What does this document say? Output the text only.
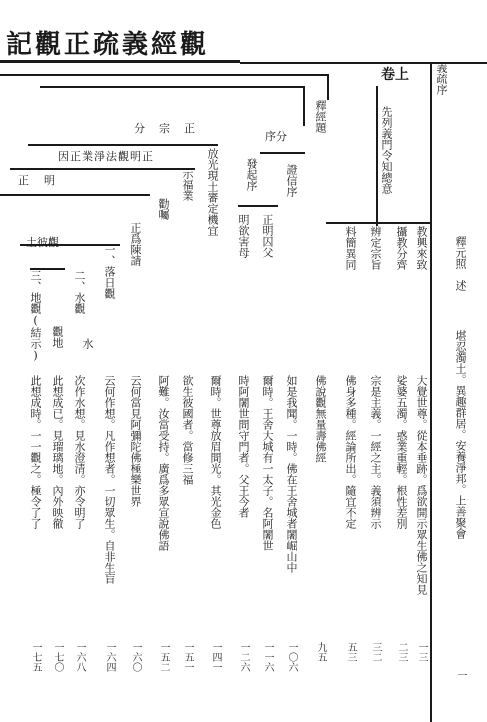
記觀正疏義經觀
義疏序
釋元照
述
卷上
先列義門令知總意
釋經題
序分
分宗正
因正業淨法觀明正
正 明	放光現土審定機宜 發起序
土彼觀
水	堪忍濁土。異趣群居。安養淨邦。上善聚會
一
教興來致
大覺世尊。從本垂跡。爲欲開示眾生佛之知見
一三
攝教分齊
娑婆五濁。惑業重輕。根性差別
二三
辨定宗旨
宗是主義。一經之主。義須辨示
三二
料簡異同
佛身多種。經論所出。隨宜不定
五三
佛說觀無量壽佛經
九五
證信序
如是我聞。一時。佛在王舍城者闍崛山中
一〇六
正明囚父
爾時。王舍大城有一太子。名阿闍世
一一六
明欲害母
時阿闍世問守門者。父王今者
一二六
爾時。世尊放眉間光。其光金色
一四一
示福業
欲生彼國者。當修三福
一五一
勸囑
阿難。汝當受持。廣爲多眾宣說佛語
一五二
正爲陳請
云何當見阿彌陀佛極樂世界
一六〇
一、落日觀
云何作想。凡作想者。一切眾生。自非生盲
一六四
二、水觀
次作水想。見水澄清。亦令明了
一六八
觀地
此想成已。見瑠璃地。內外映徹
一七〇
三、地觀(結示)
此想成時。一一觀之。極令了了
一七五
